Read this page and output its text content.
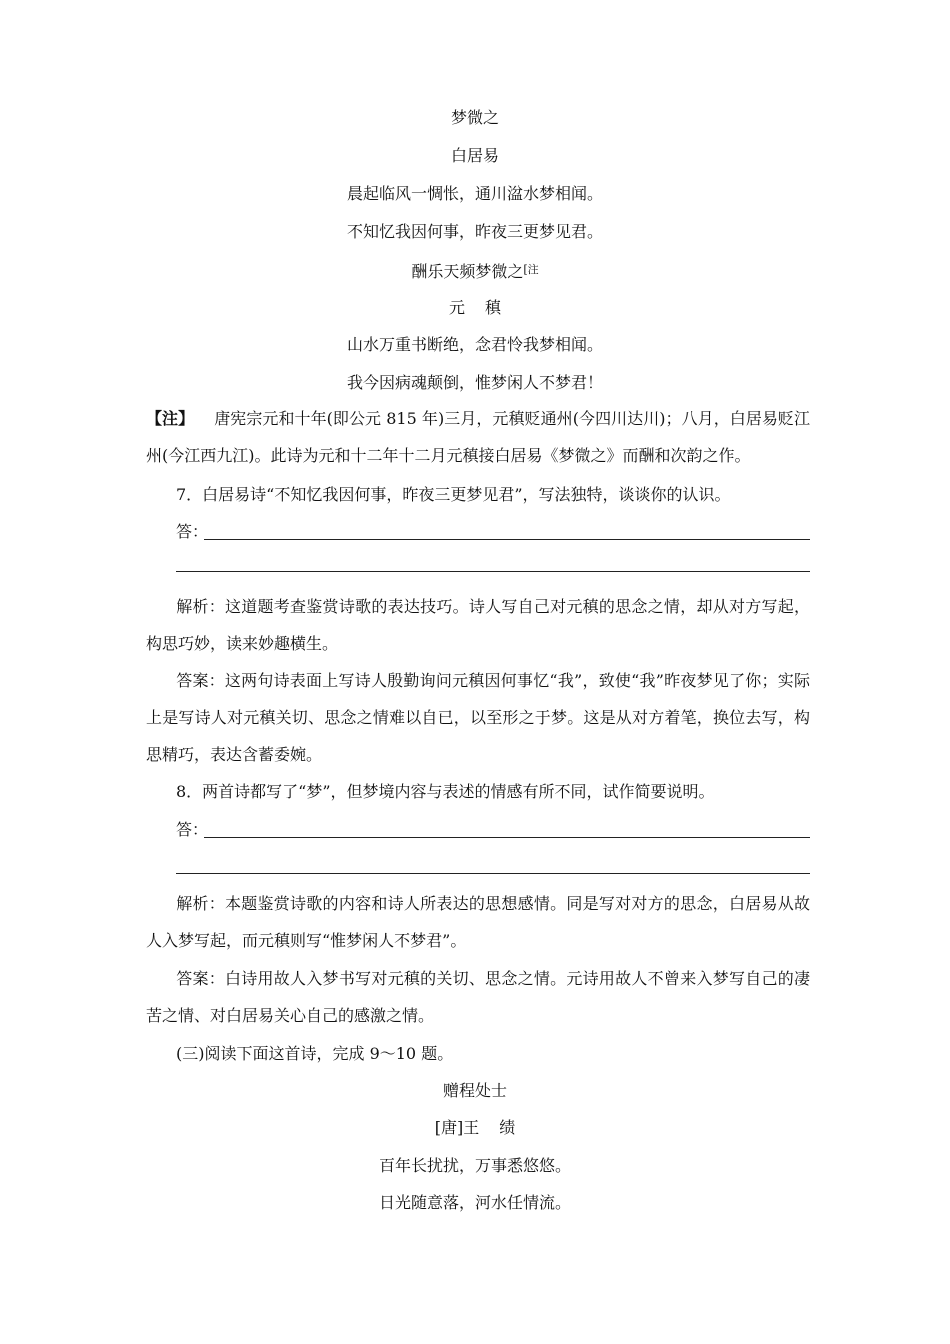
梦微之
白居易
晨起临风一惆怅，通川湓水梦相闻。
不知忆我因何事，昨夜三更梦见君。
酬乐天频梦微之$^{[注}$
元 稹
山水万重书断绝，念君怜我梦相闻。
我今因病魂颠倒，惟梦闲人不梦君！
【注】 唐宪宗元和十年(即公元 815 年)三月，元稹贬通州(今四川达川)；八月，白居易贬江州(今江西九江)。此诗为元和十二年十二月元稹接白居易《梦微之》而酬和次韵之作。
7．白居易诗“不知忆我因何事，昨夜三更梦见君”，写法独特，谈谈你的认识。
答：
解析：这道题考查鉴赏诗歌的表达技巧。诗人写自己对元稹的思念之情，却从对方写起，构思巧妙，读来妙趣横生。
答案：这两句诗表面上写诗人殷勤询问元稹因何事忆“我”，致使“我”昨夜梦见了你；实际上是写诗人对元稹关切、思念之情难以自已，以至形之于梦。这是从对方着笔，换位去写，构思精巧，表达含蓄委婉。
8．两首诗都写了“梦”，但梦境内容与表述的情感有所不同，试作简要说明。
答：
解析：本题鉴赏诗歌的内容和诗人所表达的思想感情。同是写对对方的思念，白居易从故人入梦写起，而元稹则写“惟梦闲人不梦君”。
答案：白诗用故人入梦书写对元稹的关切、思念之情。元诗用故人不曾来入梦写自己的凄苦之情、对白居易关心自己的感激之情。
(三)阅读下面这首诗，完成 9～10 题。
赠程处士
[唐]王 绩
百年长扰扰，万事悉悠悠。
日光随意落，河水任情流。
